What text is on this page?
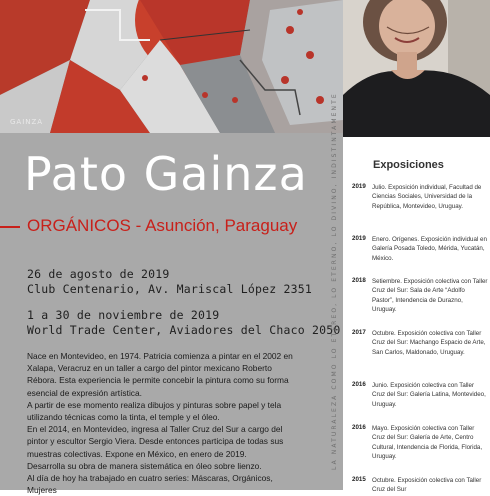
GAINZA
Pato Gainza
ORGÁNICOS - Asunción, Paraguay
26 de agosto de 2019
Club Centenario, Av. Mariscal López 2351
1 a 30 de noviembre de 2019
World Trade Center, Aviadores del Chaco 2050

Nace en Montevideo, en 1974. Patricia comienza a pintar en el 2002 en Xalapa, Veracruz en un taller a cargo del pintor mexicano Roberto Rébora. Esta experiencia le permite concebir la pintura como su forma esencial de expresión artística.

A partir de ese momento realiza dibujos y pinturas sobre papel y tela utilizando técnicas como la tinta, el temple y el óleo.

En el 2014, en Montevideo, ingresa al Taller Cruz del Sur a cargo del pintor y escultor Sergio Viera. Desde entonces participa de todas sus muestras colectivas. Expone en México, en enero de 2019.

Desarrolla su obra de manera sistemática en óleo sobre lienzo.

Al día de hoy ha trabajado en cuatro series: Máscaras, Orgánicos, Mujeres

LA NATURALEZA COMO LO ETÉREO, LO ETERNO, LO DIVINO, INDISTINTAMENTE	Exposiciones
2019 Julio. Exposición individual, Facultad de Ciencias Sociales, Universidad de la República, Montevideo, Uruguay.
2019 Enero. Orígenes. Exposición individual en Galería Posada Toledo, Mérida, Yucatán, México.
2018 Setiembre. Exposición colectiva con Taller Cruz del Sur: Sala de Arte “Adolfo Pastor”, Intendencia de Durazno, Uruguay.
2017 Octubre. Exposición colectiva con Taller Cruz del Sur: Machango Espacio de Arte, San Carlos, Maldonado, Uruguay.
2016 Junio. Exposición colectiva con Taller Cruz del Sur: Galería Latina, Montevideo, Uruguay.
2016 Mayo. Exposición colectiva con Taller Cruz del Sur: Galería de Arte, Centro Cultural, Intendencia de Florida, Florida, Uruguay.
2015 Octubre. Exposición colectiva con Taller Cruz del Sur
